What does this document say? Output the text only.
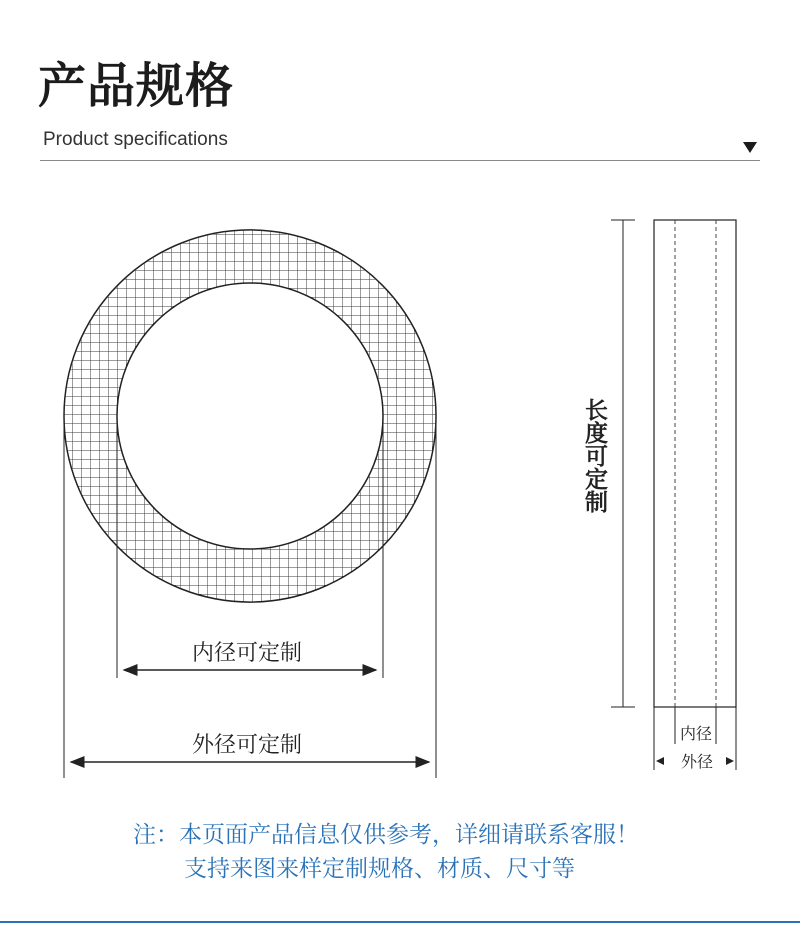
产品规格
Product specifications
内径可定制
外径可定制
长度可定制
内径
外径
注：本页面产品信息仅供参考，详细请联系客服！
支持来图来样定制规格、材质、尺寸等
